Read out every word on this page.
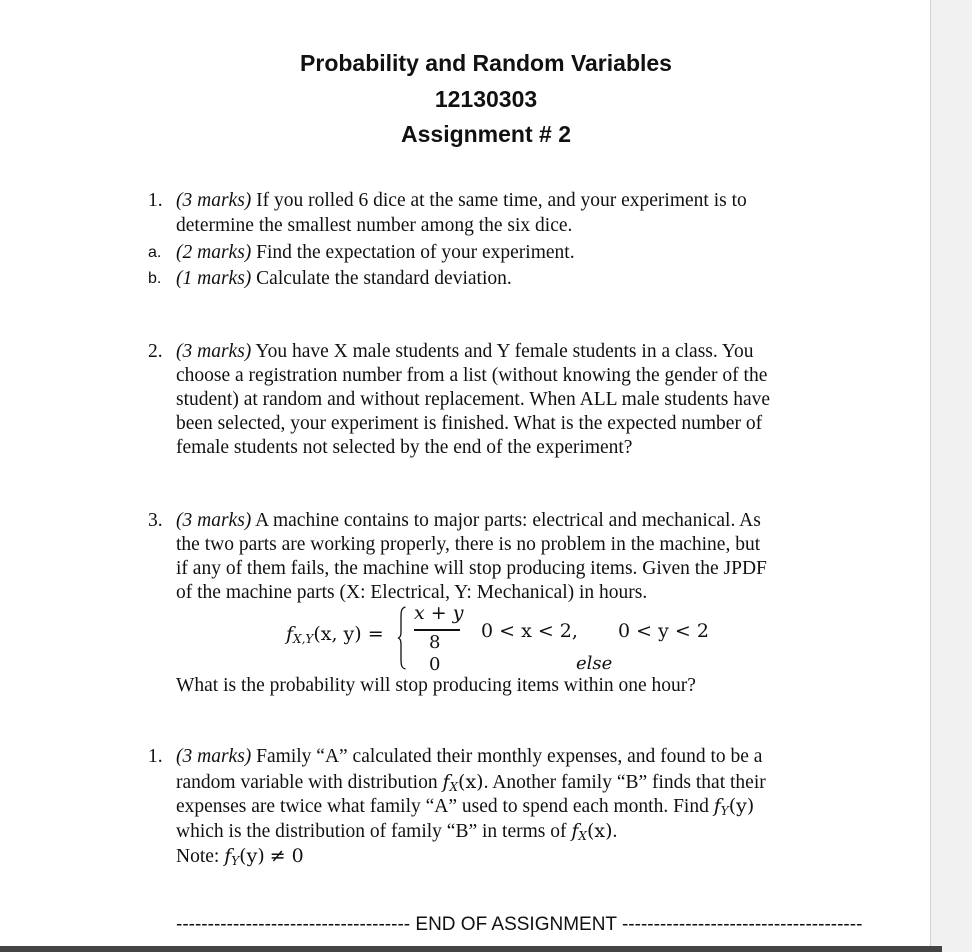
Probability and Random Variables
12130303
Assignment # 2
1. (3 marks) If you rolled 6 dice at the same time, and your experiment is to
determine the smallest number among the six dice.
a. (2 marks) Find the expectation of your experiment.
b. (1 marks) Calculate the standard deviation.
2. (3 marks) You have X male students and Y female students in a class. You
choose a registration number from a list (without knowing the gender of the
student) at random and without replacement. When ALL male students have
been selected, your experiment is finished. What is the expected number of
female students not selected by the end of the experiment?
3. (3 marks) A machine contains to major parts: electrical and mechanical. As
the two parts are working properly, there is no problem in the machine, but
if any of them fails, the machine will stop producing items. Given the JPDF
of the machine parts (X: Electrical, Y: Mechanical) in hours.
fX,Y(x, y) =
x + y
8
0 < x < 2, 0 < y < 2
0	else
What is the probability will stop producing items within one hour?
1. (3 marks) Family “A” calculated their monthly expenses, and found to be a
random variable with distribution fX(x). Another family “B” finds that their
expenses are twice what family “A” used to spend each month. Find fY(y)
which is the distribution of family “B” in terms of fX(x).
Note: fY(y) ≠ 0
------------------------------------- END OF ASSIGNMENT --------------------------------------
